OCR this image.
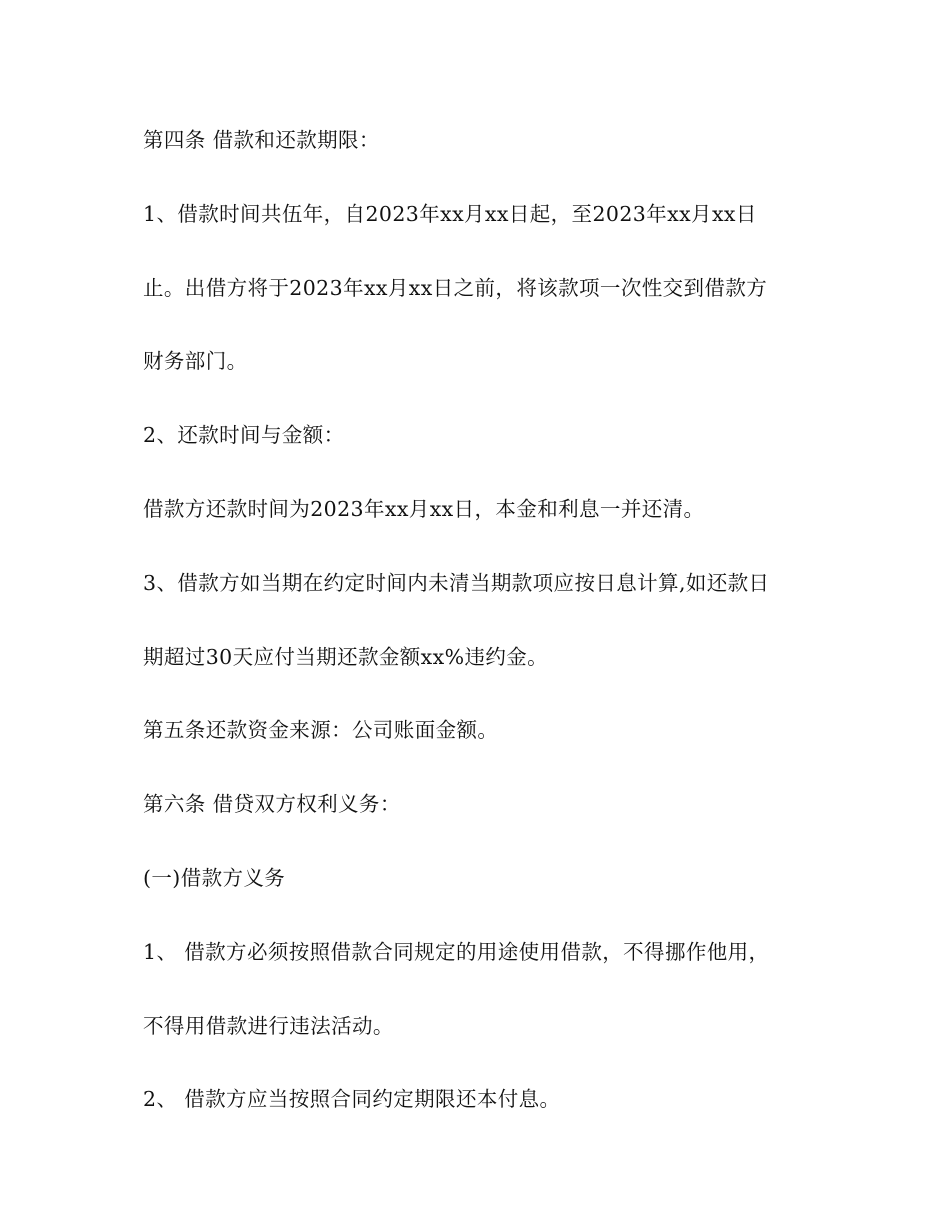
第四条 借款和还款期限：
1、借款时间共伍年，自2023年xx月xx日起，至2023年xx月xx日
止。出借方将于2023年xx月xx日之前，将该款项一次性交到借款方
财务部门。
2、还款时间与金额：
借款方还款时间为2023年xx月xx日，本金和利息一并还清。
3、借款方如当期在约定时间内未清当期款项应按日息计算,如还款日
期超过30天应付当期还款金额xx%违约金。
第五条还款资金来源：公司账面金额。
第六条 借贷双方权利义务：
(一)借款方义务
1、 借款方必须按照借款合同规定的用途使用借款，不得挪作他用，
不得用借款进行违法活动。
2、 借款方应当按照合同约定期限还本付息。
